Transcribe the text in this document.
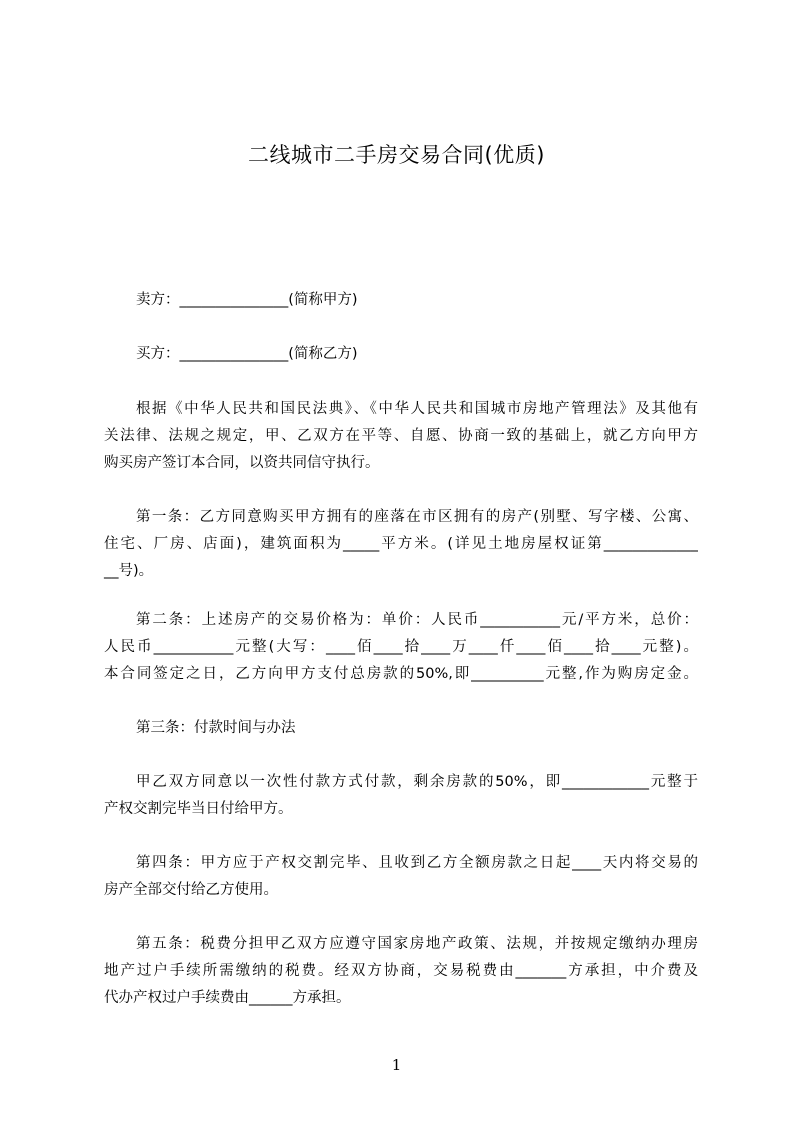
二线城市二手房交易合同(优质)
卖方：_______________(简称甲方)
买方：_______________(简称乙方)
根据《中华人民共和国民法典》、《中华人民共和国城市房地产管理法》及其他有
关法律、法规之规定，甲、乙双方在平等、自愿、协商一致的基础上，就乙方向甲方
购买房产签订本合同，以资共同信守执行。
第一条：乙方同意购买甲方拥有的座落在市区拥有的房产(别墅、写字楼、公寓、
住宅、厂房、店面)，建筑面积为_____平方米。(详见土地房屋权证第_____________
__号)。
第二条：上述房产的交易价格为：单价：人民币___________元/平方米，总价：
人民币___________元整(大写：____佰____拾____万____仟____佰____拾____元整)。
本合同签定之日，乙方向甲方支付总房款的50%,即__________元整,作为购房定金。
第三条：付款时间与办法
甲乙双方同意以一次性付款方式付款，剩余房款的50%，即____________元整于
产权交割完毕当日付给甲方。
第四条：甲方应于产权交割完毕、且收到乙方全额房款之日起____天内将交易的
房产全部交付给乙方使用。
第五条：税费分担甲乙双方应遵守国家房地产政策、法规，并按规定缴纳办理房
地产过户手续所需缴纳的税费。经双方协商，交易税费由_______方承担，中介费及
代办产权过户手续费由______方承担。
1
